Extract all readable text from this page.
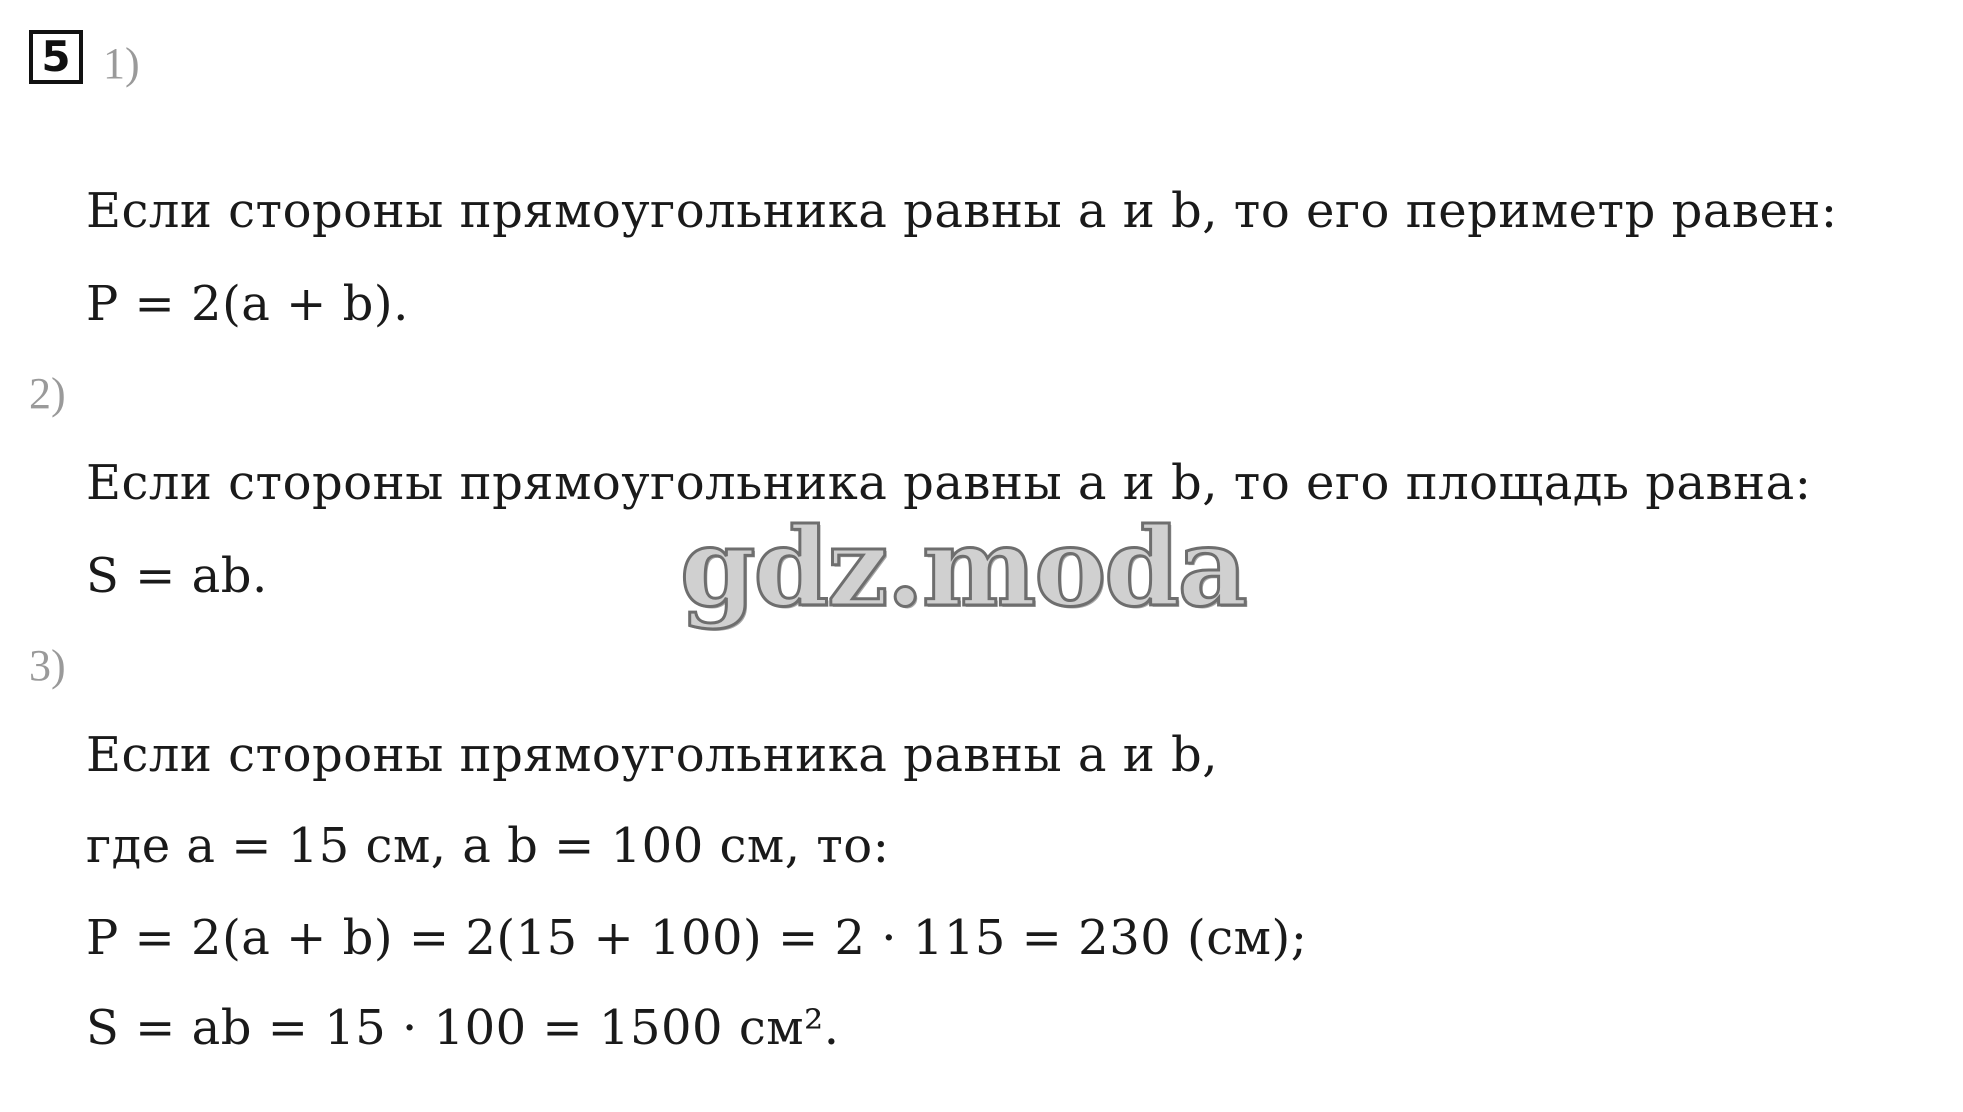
5 1)
2)
3)

Если стороны прямоугольника равны a и b, то его периметр равен:

P = 2(a + b).

Если стороны прямоугольника равны a и b, то его площадь равна:

S = ab.

Если стороны прямоугольника равны a и b,

где a = 15 см, а b = 100 см, то:

P = 2(a + b) = 2(15 + 100) = 2 · 115 = 230 (см);

S = ab = 15 · 100 = 1500 см².

gdz.moda
